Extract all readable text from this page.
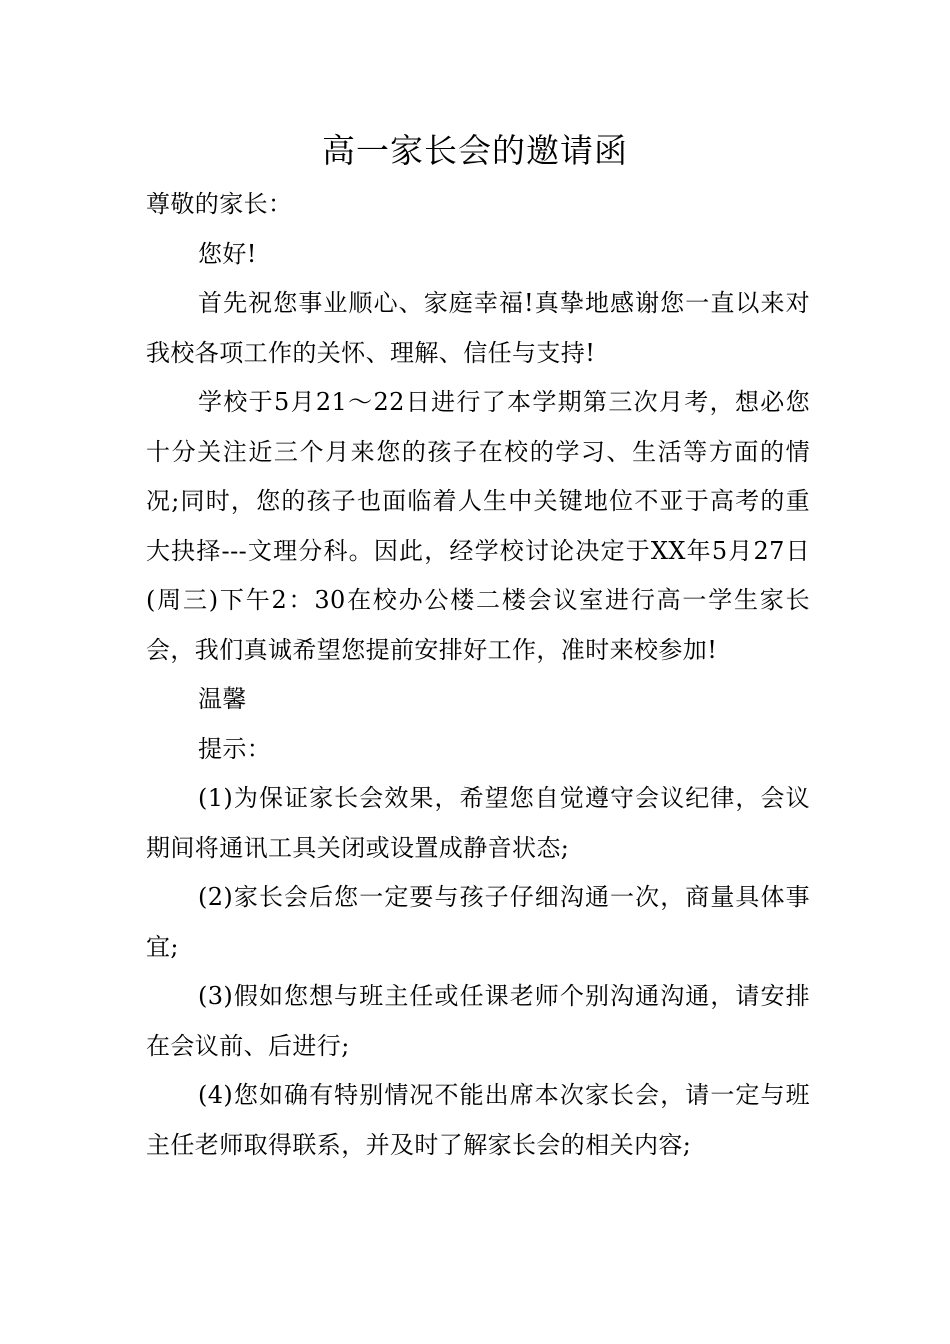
高一家长会的邀请函

尊敬的家长：

您好!

首先祝您事业顺心、家庭幸福!真挚地感谢您一直以来对我校各项工作的关怀、理解、信任与支持!

学校于5月21～22日进行了本学期第三次月考，想必您十分关注近三个月来您的孩子在校的学习、生活等方面的情况;同时，您的孩子也面临着人生中关键地位不亚于高考的重大抉择---文理分科。因此，经学校讨论决定于XX年5月27日(周三)下午2：30在校办公楼二楼会议室进行高一学生家长会，我们真诚希望您提前安排好工作，准时来校参加!

温馨

提示：

(1)为保证家长会效果，希望您自觉遵守会议纪律，会议期间将通讯工具关闭或设置成静音状态;

(2)家长会后您一定要与孩子仔细沟通一次，商量具体事宜;

(3)假如您想与班主任或任课老师个别沟通沟通，请安排在会议前、后进行;

(4)您如确有特别情况不能出席本次家长会，请一定与班主任老师取得联系，并及时了解家长会的相关内容;
